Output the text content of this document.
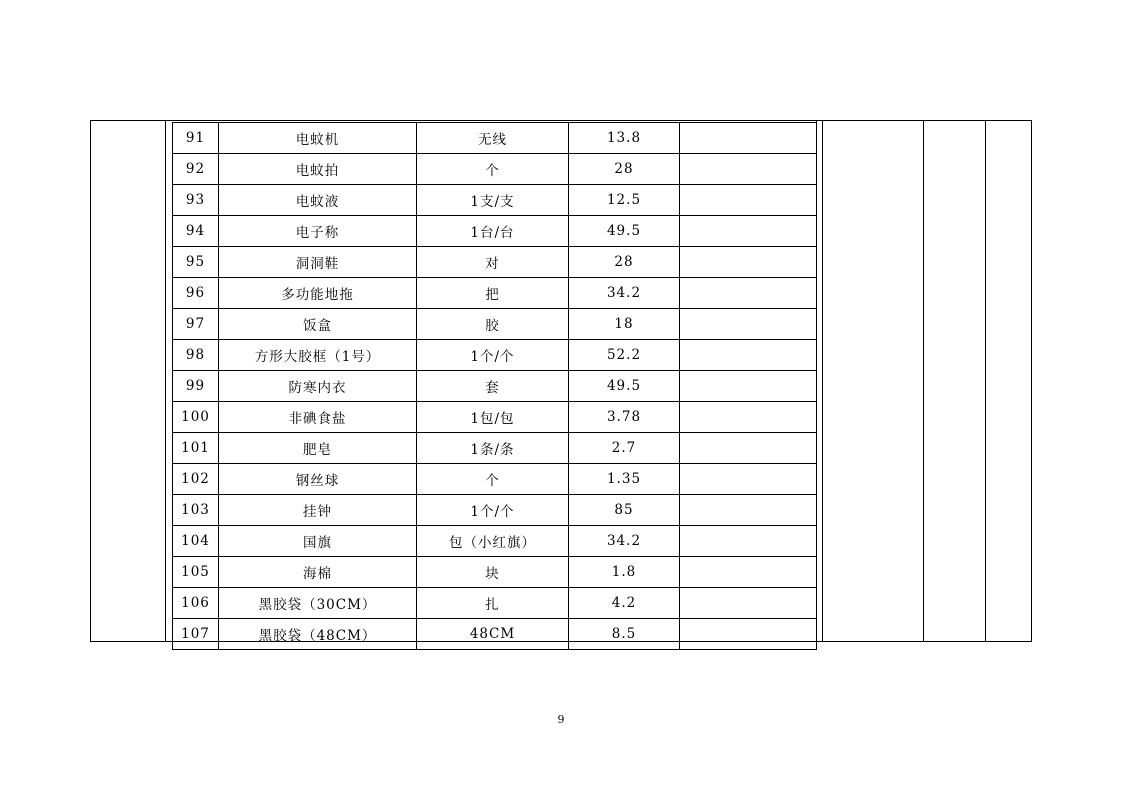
91	电蚊机	无线	13.8	
92	电蚊拍	个	28	
93	电蚊液	1支/支	12.5	
94	电子称	1台/台	49.5	
95	洞洞鞋	对	28	
96	多功能地拖	把	34.2	
97	饭盒	胶	18	
98	方形大胶框（1号）	1个/个	52.2	
99	防寒内衣	套	49.5	
100	非碘食盐	1包/包	3.78	
101	肥皂	1条/条	2.7	
102	钢丝球	个	1.35	
103	挂钟	1个/个	85	
104	国旗	包（小红旗）	34.2	
105	海棉	块	1.8	
106	黑胶袋（30CM）	扎	4.2	
107	黑胶袋（48CM）	48CM	8.5	
9
